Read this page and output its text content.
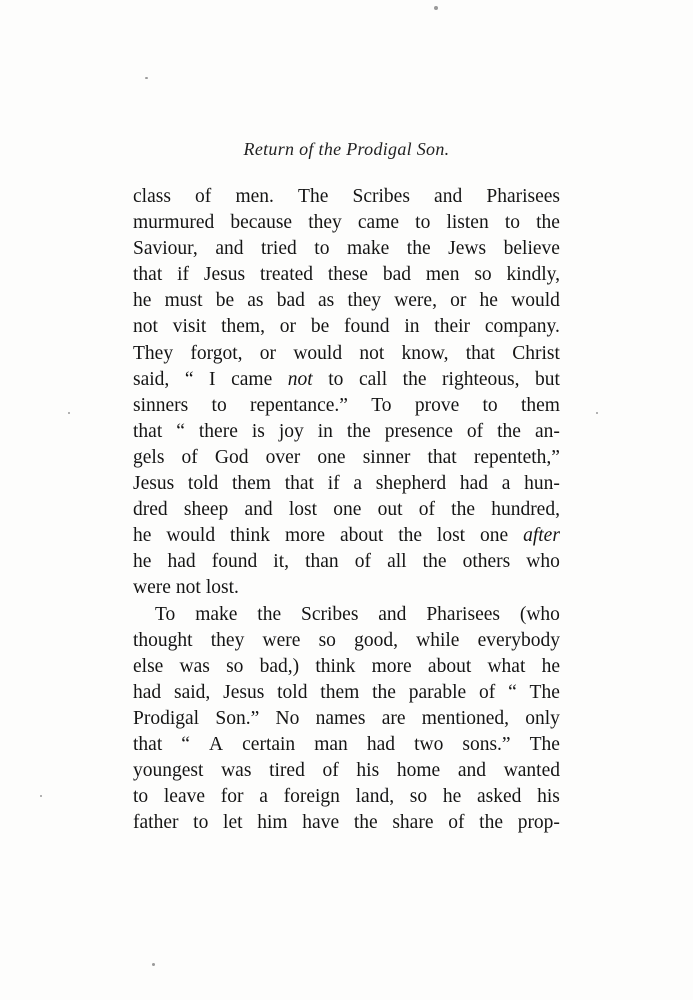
Return of the Prodigal Son.
class of men. The Scribes and Pharisees
murmured because they came to listen to the
Saviour, and tried to make the Jews believe
that if Jesus treated these bad men so kindly,
he must be as bad as they were, or he would
not visit them, or be found in their company.
They forgot, or would not know, that Christ
said, “ I came not to call the righteous, but
sinners to repentance.” To prove to them
that “ there is joy in the presence of the an-
gels of God over one sinner that repenteth,”
Jesus told them that if a shepherd had a hun-
dred sheep and lost one out of the hundred,
he would think more about the lost one after
he had found it, than of all the others who
were not lost.
To make the Scribes and Pharisees (who
thought they were so good, while everybody
else was so bad,) think more about what he
had said, Jesus told them the parable of “ The
Prodigal Son.” No names are mentioned, only
that “ A certain man had two sons.” The
youngest was tired of his home and wanted
to leave for a foreign land, so he asked his
father to let him have the share of the prop-
